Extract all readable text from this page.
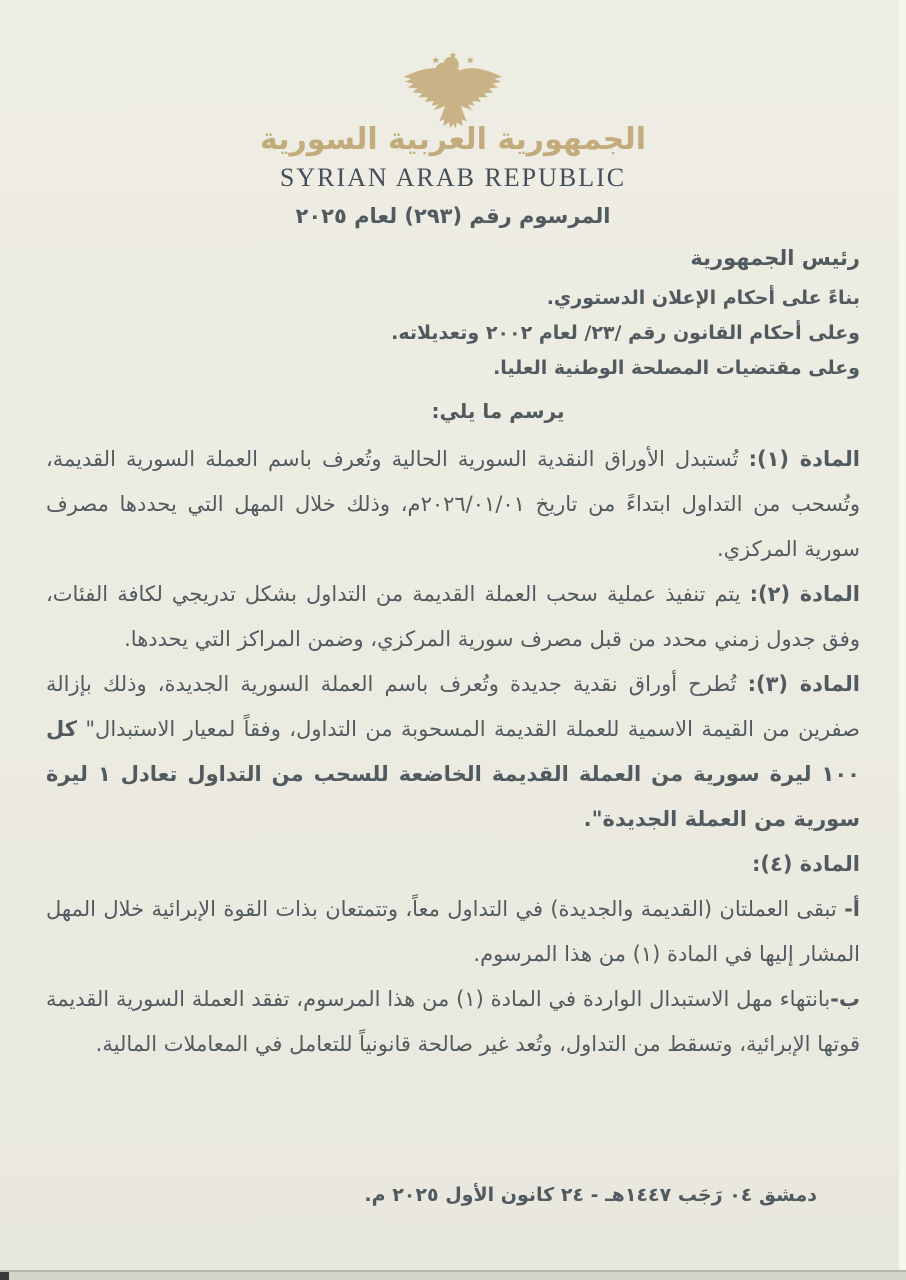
الجمهورية العربية السورية
SYRIAN ARAB REPUBLIC
المرسوم رقم (٢٩٣) لعام ٢٠٢٥
رئيس الجمهورية
بناءً على أحكام الإعلان الدستوري.
وعلى أحكام القانون رقم /٢٣/ لعام ٢٠٠٢ وتعديلاته.
وعلى مقتضيات المصلحة الوطنية العليا.
يرسم ما يلي:

المادة (١): تُستبدل الأوراق النقدية السورية الحالية وتُعرف باسم العملة السورية القديمة، وتُسحب من التداول ابتداءً من تاريخ ٢٠٢٦/٠١/٠١م، وذلك خلال المهل التي يحددها مصرف سورية المركزي.

المادة (٢): يتم تنفيذ عملية سحب العملة القديمة من التداول بشكل تدريجي لكافة الفئات، وفق جدول زمني محدد من قبل مصرف سورية المركزي، وضمن المراكز التي يحددها.

المادة (٣): تُطرح أوراق نقدية جديدة وتُعرف باسم العملة السورية الجديدة، وذلك بإزالة صفرين من القيمة الاسمية للعملة القديمة المسحوبة من التداول، وفقاً لمعيار الاستبدال" كل ١٠٠ ليرة سورية من العملة القديمة الخاضعة للسحب من التداول تعادل ١ ليرة سورية من العملة الجديدة".

المادة (٤):

أ- تبقى العملتان (القديمة والجديدة) في التداول معاً، وتتمتعان بذات القوة الإبرائية خلال المهل المشار إليها في المادة (١) من هذا المرسوم.

ب-بانتهاء مهل الاستبدال الواردة في المادة (١) من هذا المرسوم، تفقد العملة السورية القديمة قوتها الإبرائية، وتسقط من التداول، وتُعد غير صالحة قانونياً للتعامل في المعاملات المالية.

دمشق ٠٤ رَجَب ١٤٤٧هـ - ٢٤ كانون الأول ٢٠٢٥ م.
